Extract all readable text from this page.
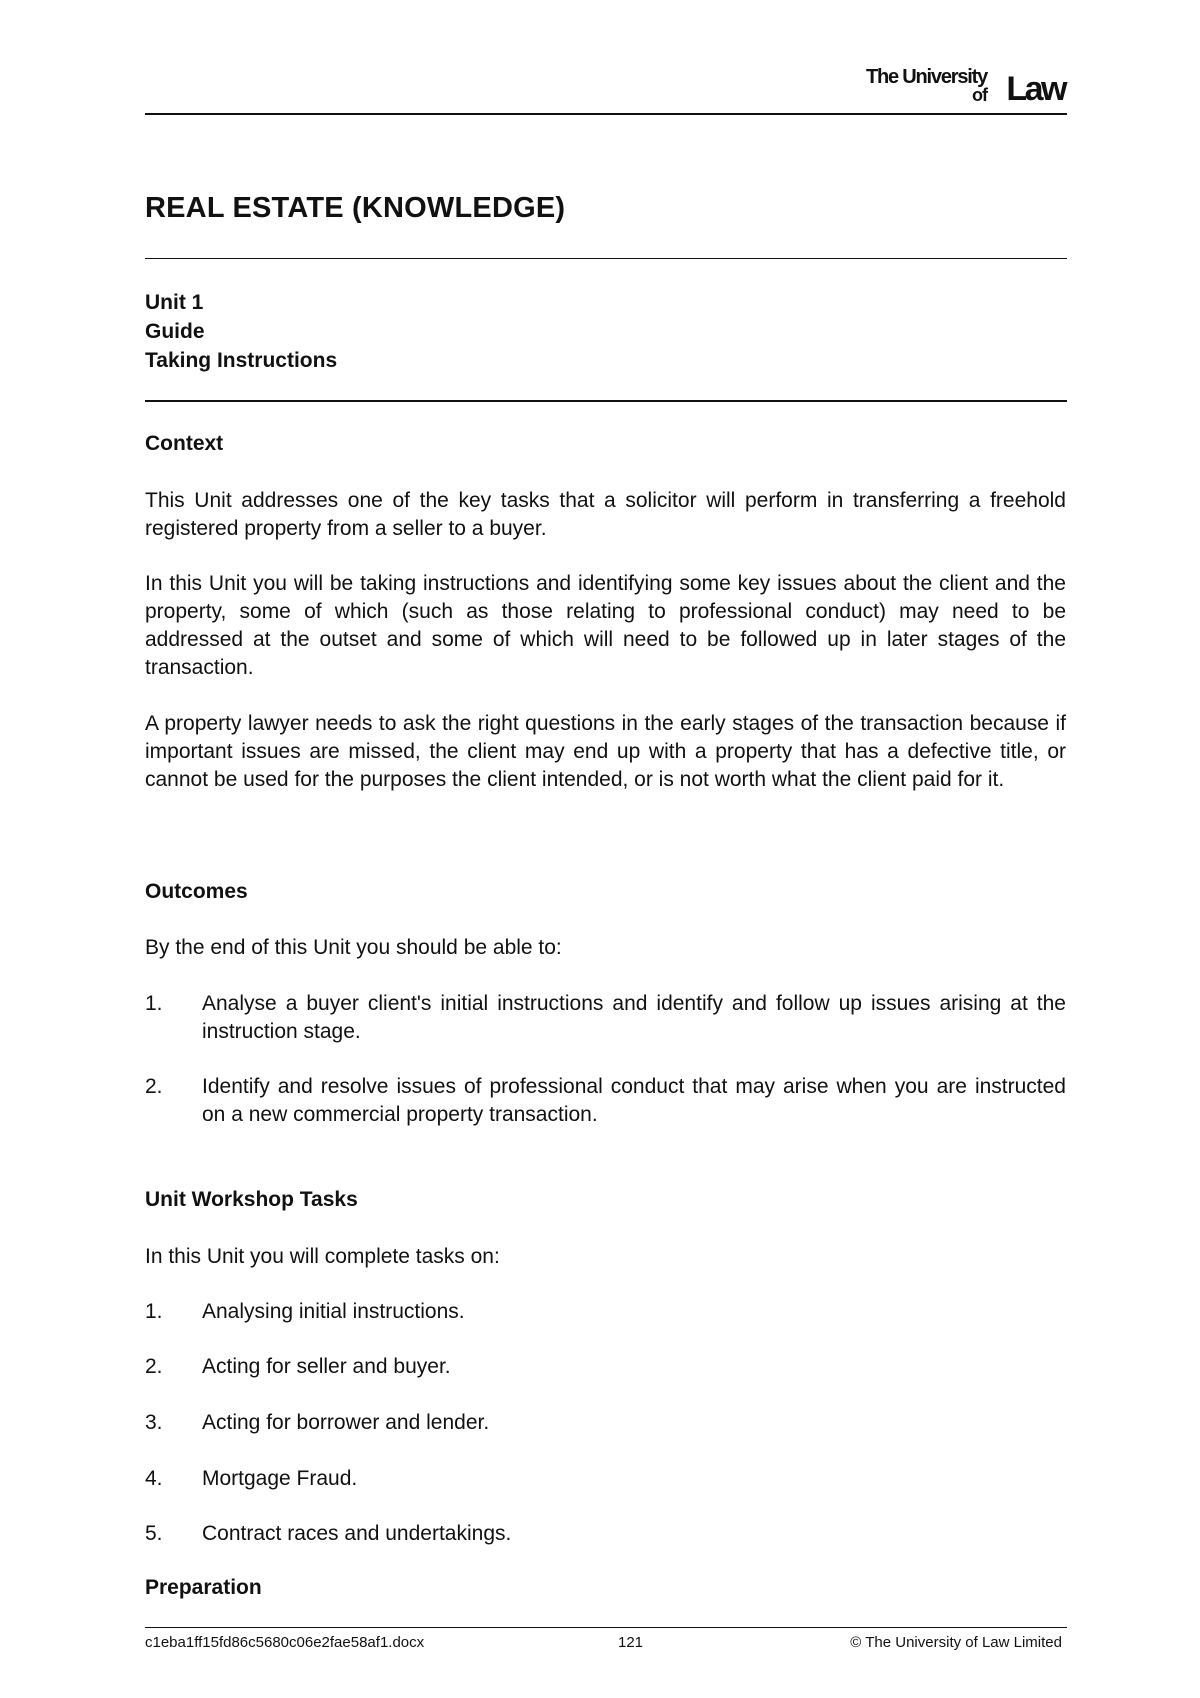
The University
of Law
REAL ESTATE (KNOWLEDGE)
Unit 1
Guide
Taking Instructions
Context

This Unit addresses one of the key tasks that a solicitor will perform in transferring a freehold registered property from a seller to a buyer.

In this Unit you will be taking instructions and identifying some key issues about the client and the property, some of which (such as those relating to professional conduct) may need to be addressed at the outset and some of which will need to be followed up in later stages of the transaction.

A property lawyer needs to ask the right questions in the early stages of the transaction because if important issues are missed, the client may end up with a property that has a defective title, or cannot be used for the purposes the client intended, or is not worth what the client paid for it.

Outcomes

By the end of this Unit you should be able to:

1. Analyse a buyer client's initial instructions and identify and follow up issues arising at the instruction stage.
2. Identify and resolve issues of professional conduct that may arise when you are instructed on a new commercial property transaction.
Unit Workshop Tasks

In this Unit you will complete tasks on:

1. Analysing initial instructions.
2. Acting for seller and buyer.
3. Acting for borrower and lender.
4. Mortgage Fraud.
5. Contract races and undertakings.
Preparation
c1eba1ff15fd86c5680c06e2fae58af1.docx	121	© The University of Law Limited
